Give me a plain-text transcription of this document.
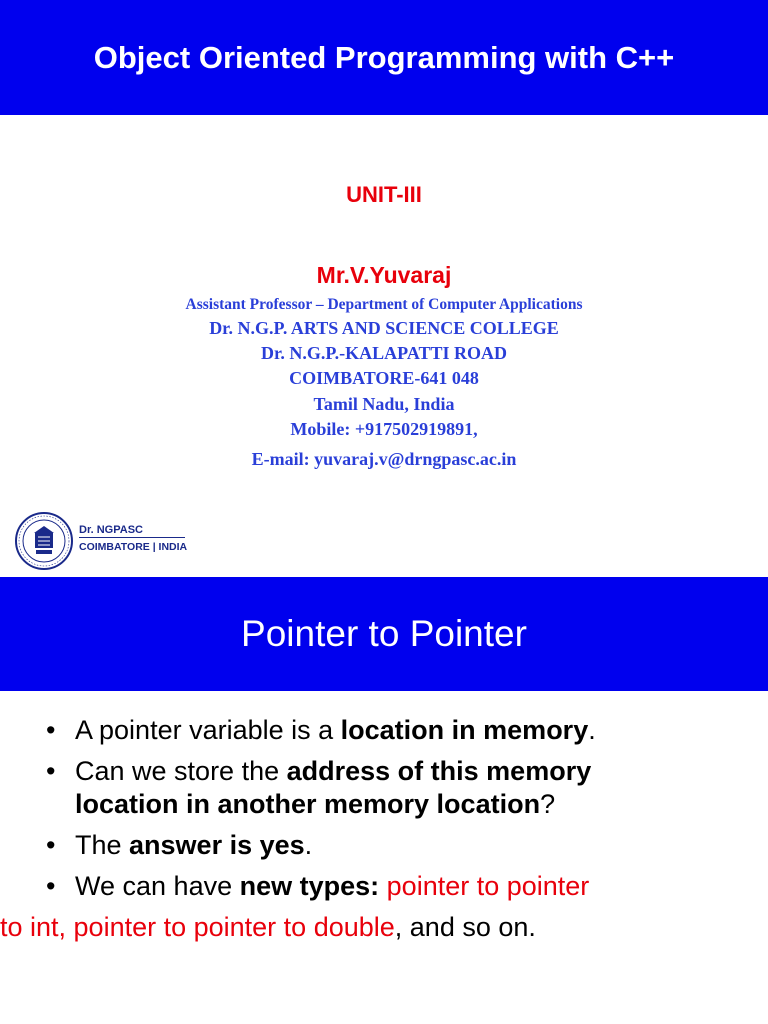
Object Oriented Programming with C++
UNIT-III
Mr.V.Yuvaraj
Assistant Professor – Department of Computer Applications
Dr. N.G.P. ARTS AND SCIENCE COLLEGE
Dr. N.G.P.-KALAPATTI ROAD
COIMBATORE-641 048
Tamil Nadu, India
Mobile: +917502919891,
E-mail: yuvaraj.v@drngpasc.ac.in
Dr. NGPASC
COIMBATORE | INDIA
Pointer to Pointer
• A pointer variable is a location in memory.
• Can we store the address of this memory
location in another memory location?
• The answer is yes.
• We can have new types: pointer to pointer
to int, pointer to pointer to double, and so on.
